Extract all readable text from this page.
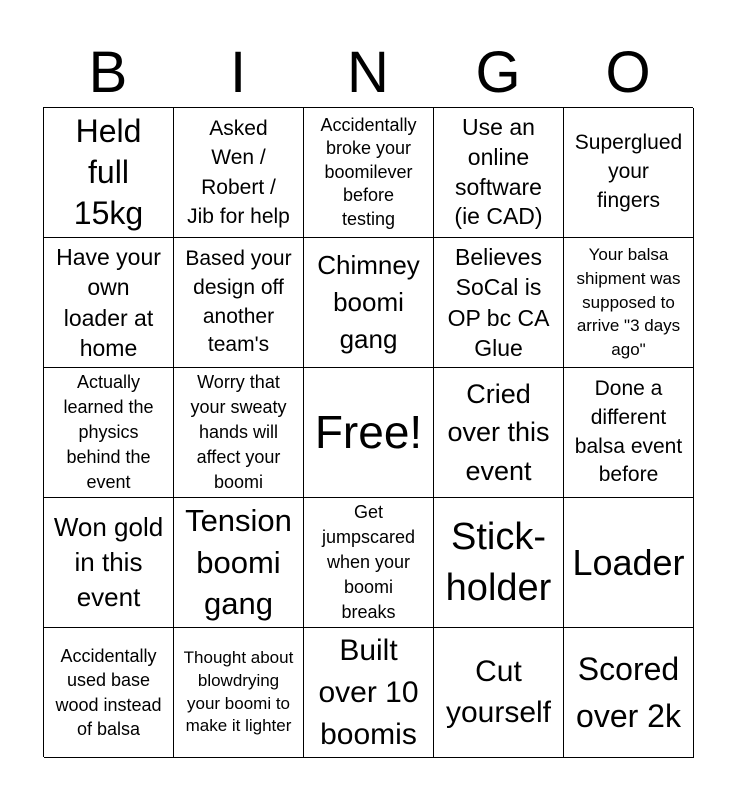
B	I	N	G	O
Held
full
15kg
Asked
Wen /
Robert /
Jib for help
Accidentally
broke your
boomilever
before
testing
Use an
online
software
(ie CAD)
Superglued
your
fingers
Have your
own
loader at
home
Based your
design off
another
team's
Chimney
boomi
gang
Believes
SoCal is
OP bc CA
Glue
Your balsa
shipment was
supposed to
arrive "3 days
ago"
Actually
learned the
physics
behind the
event
Worry that
your sweaty
hands will
affect your
boomi
Free!
Cried
over this
event
Done a
different
balsa event
before
Won gold
in this
event
Tension
boomi
gang
Get
jumpscared
when your
boomi
breaks
Stick-
holder
Loader
Accidentally
used base
wood instead
of balsa
Thought about
blowdrying
your boomi to
make it lighter
Built
over 10
boomis
Cut
yourself
Scored
over 2k
